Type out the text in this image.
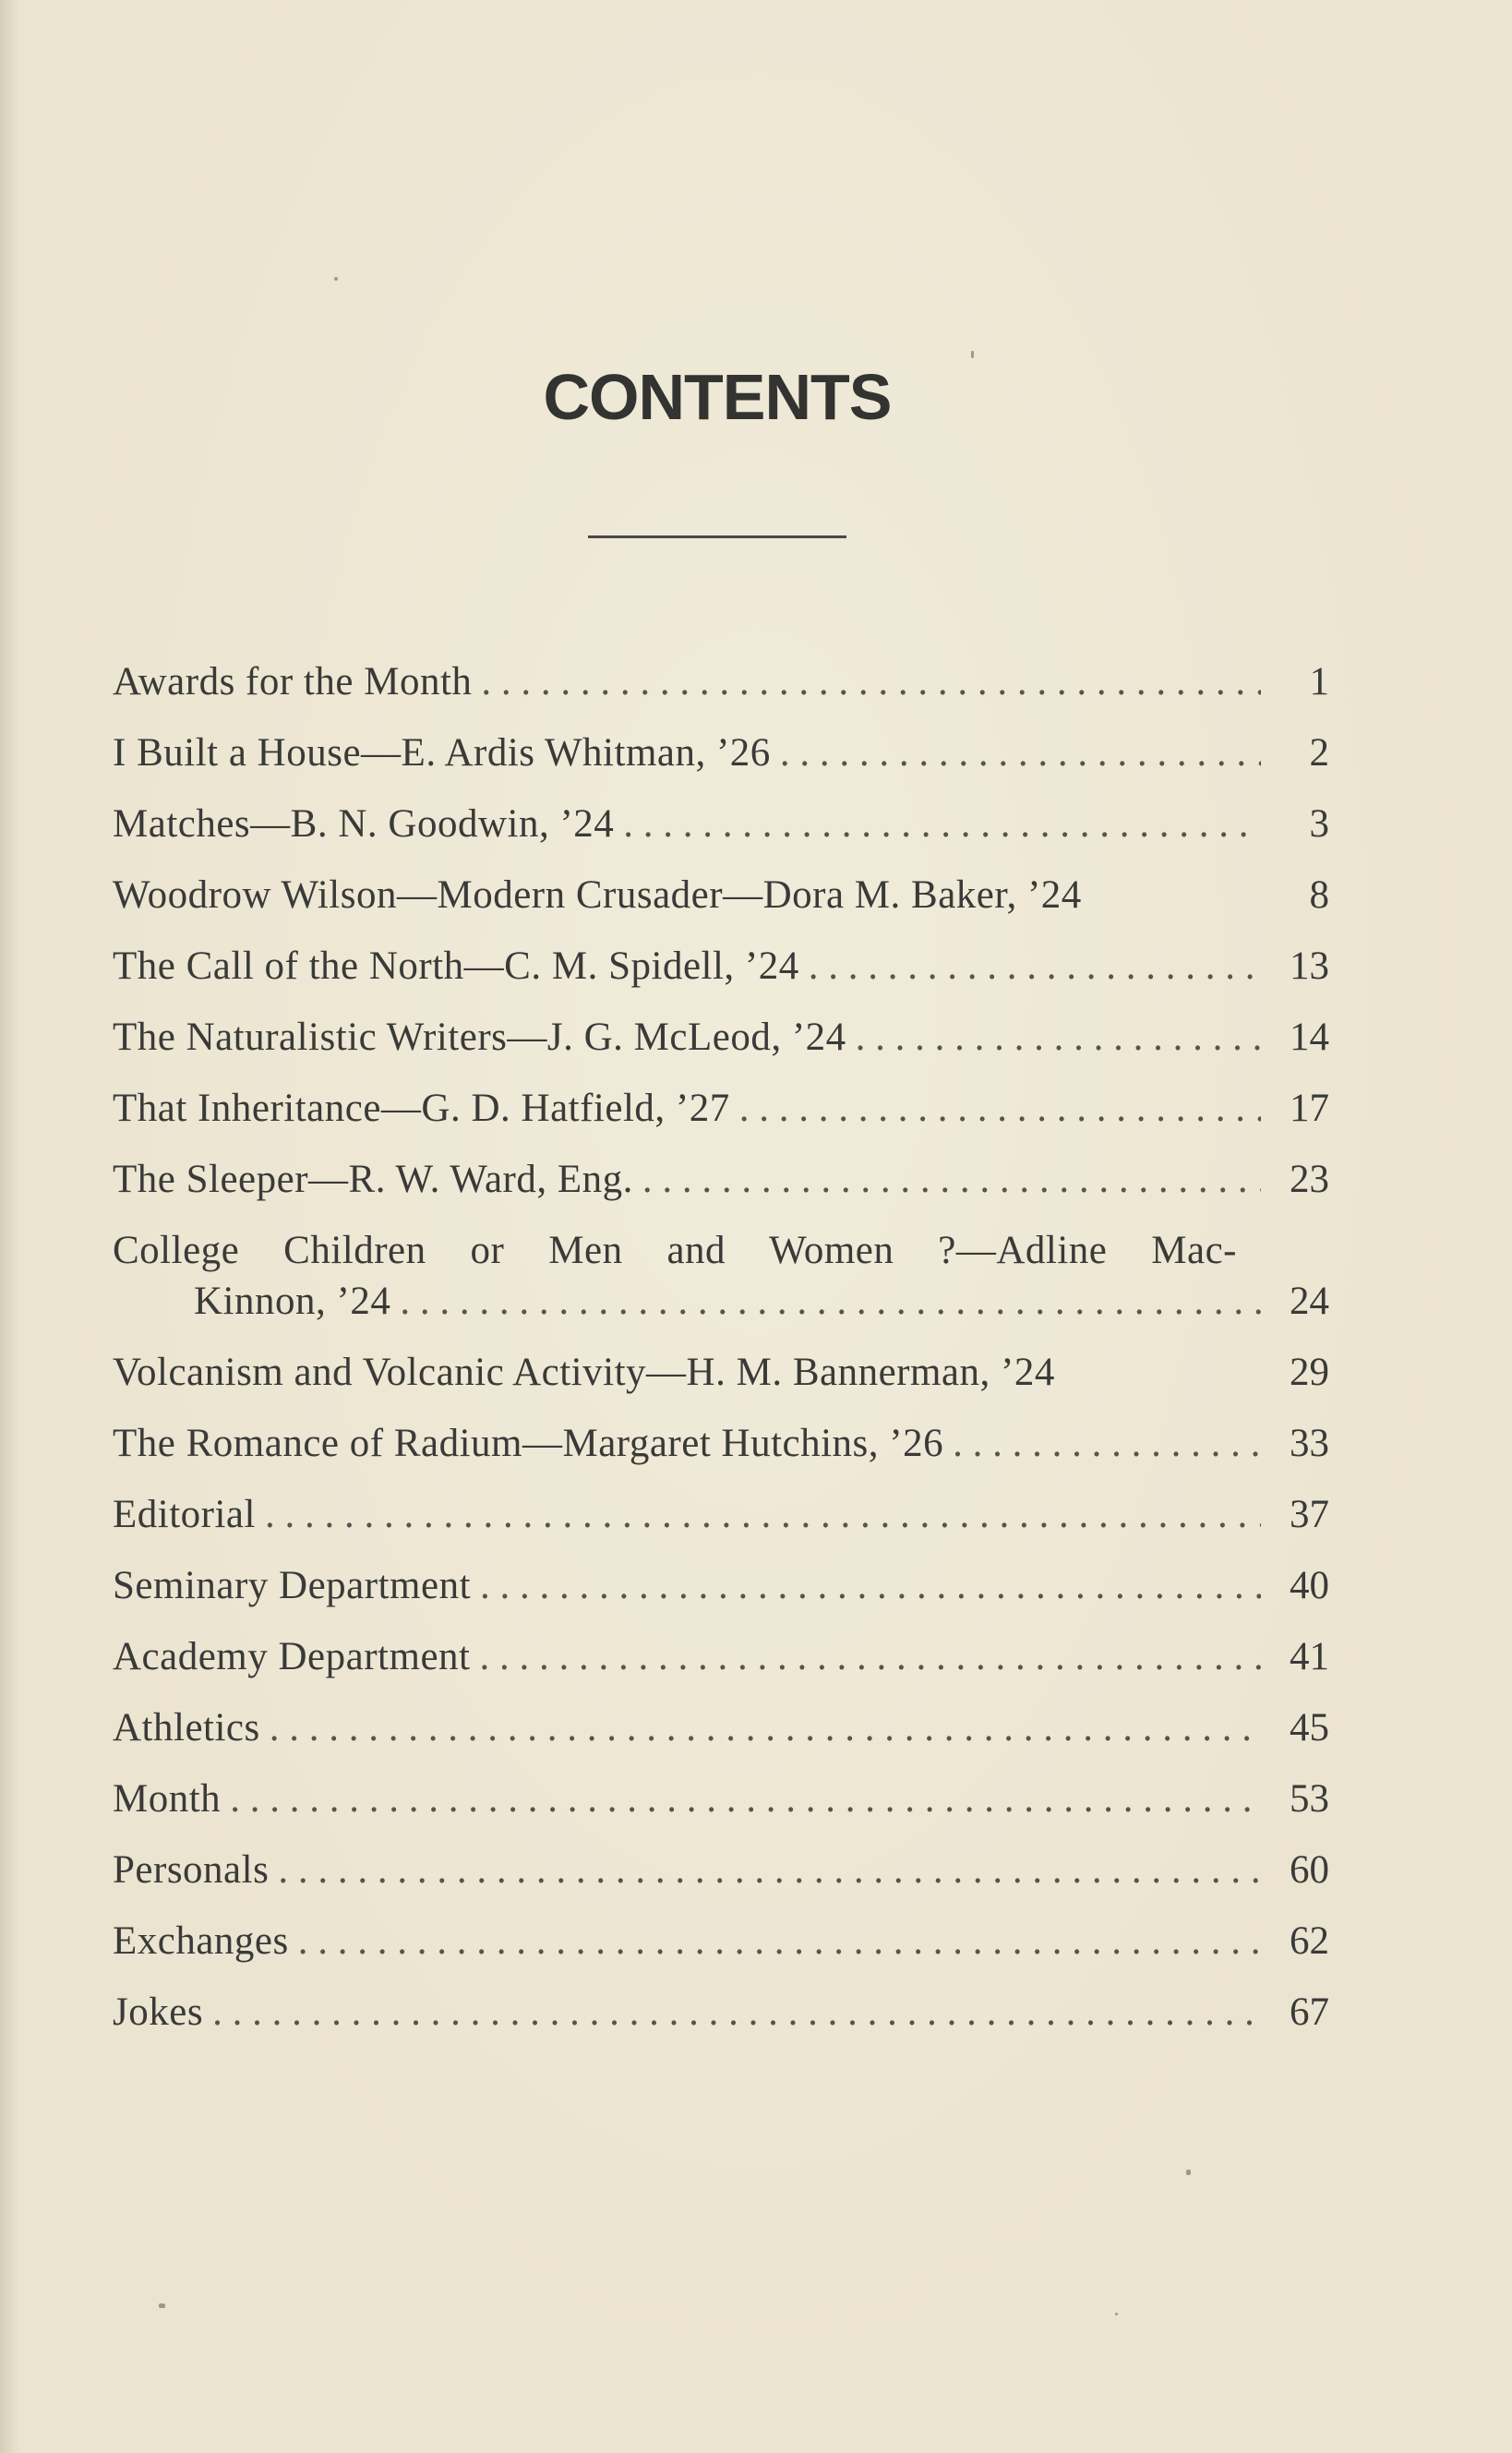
CONTENTS
Awards for the Month . . .	1
I Built a House—E. Ardis Whitman, ’26 . . .	2
Matches—B. N. Goodwin, ’24 . . .	3
Woodrow Wilson—Modern Crusader—Dora M. Baker, ’24	8
The Call of the North—C. M. Spidell, ’24 . . .	13
The Naturalistic Writers—J. G. McLeod, ’24 . . .	14
That Inheritance—G. D. Hatfield, ’27 . . .	17
The Sleeper—R. W. Ward, Eng. . . .	23
College Children or Men and Women ?—Adline Mac-
Kinnon, ’24 . . .	24
Volcanism and Volcanic Activity—H. M. Bannerman, ’24	29
The Romance of Radium—Margaret Hutchins, ’26 . . .	33
Editorial . . .	37
Seminary Department . . .	40
Academy Department . . .	41
Athletics . . .	45
Month . . .	53
Personals . . .	60
Exchanges . . .	62
Jokes . . .	67
